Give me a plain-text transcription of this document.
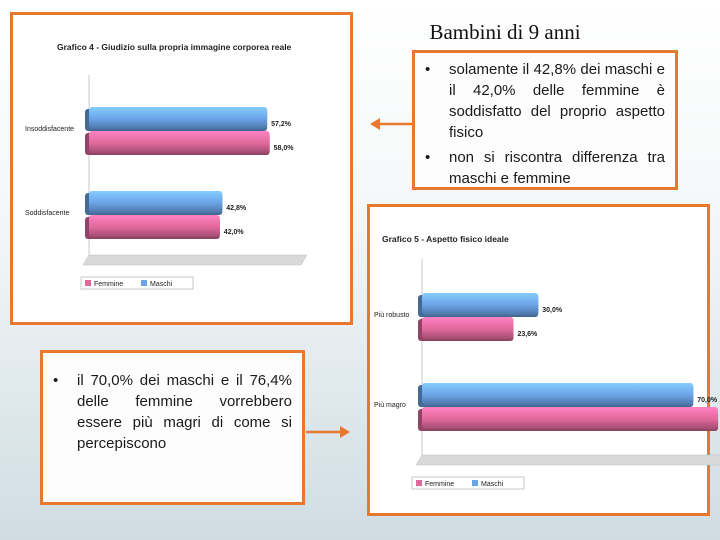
Grafico 4 - Giudizio sulla propria immagine corporea reale
Insoddisfacente
57,2%
58,0%
Soddisfacente
42,8%
42,0%
Femmine	Maschi
Bambini di 9 anni
• solamente il 42,8% dei maschi e il 42,0% delle femmine è soddisfatto del proprio aspetto fisico
• non si riscontra differenza tra maschi e femmine
• il 70,0% dei maschi e il 76,4% delle femmine vorrebbero essere più magri di come si percepiscono
Grafico 5 - Aspetto fisico ideale
Più robusto
30,0%
23,6%
Più magro
70,0%
Femmine	Maschi
